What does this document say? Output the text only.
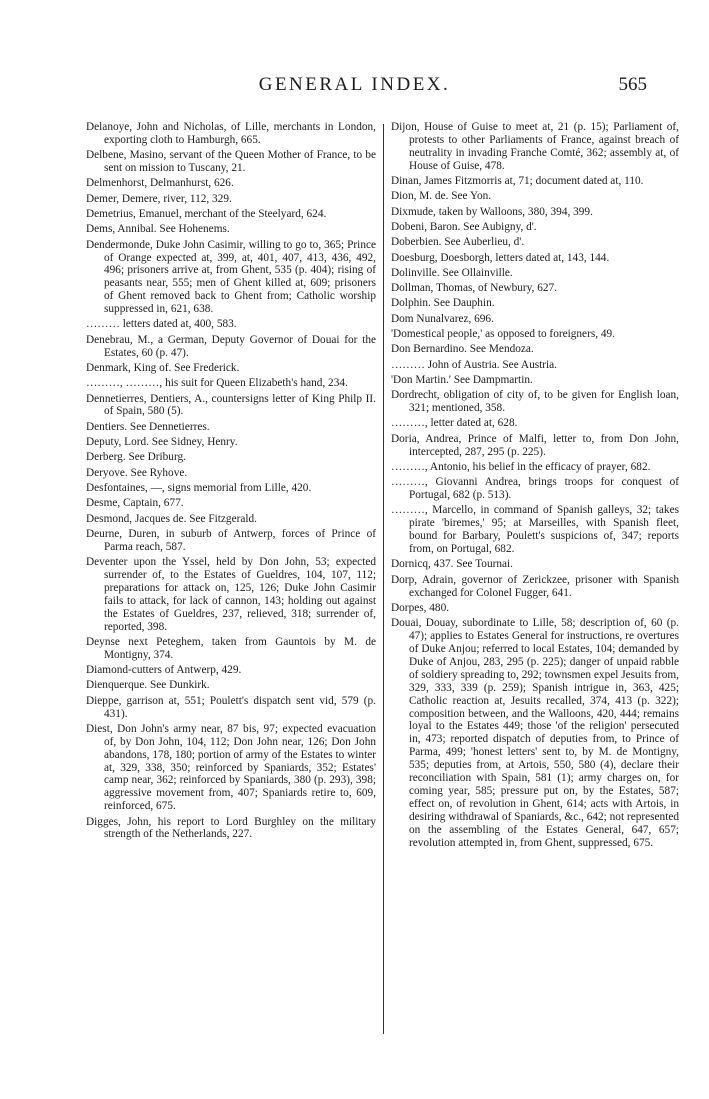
GENERAL INDEX.	565

Delanoye, John and Nicholas, of Lille, merchants in London, exporting cloth to Hamburgh, 665.

Delbene, Masino, servant of the Queen Mother of France, to be sent on mission to Tuscany, 21.

Delmenhorst, Delmanhurst, 626.

Demer, Demere, river, 112, 329.

Demetrius, Emanuel, merchant of the Steelyard, 624.

Dems, Annibal. See Hohenems.

Dendermonde, Duke John Casimir, willing to go to, 365; Prince of Orange expected at, 399, at, 401, 407, 413, 436, 492, 496; prisoners arrive at, from Ghent, 535 (p. 404); rising of peasants near, 555; men of Ghent killed at, 609; prisoners of Ghent removed back to Ghent from; Catholic worship suppressed in, 621, 638.

……… letters dated at, 400, 583.

Denebrau, M., a German, Deputy Governor of Douai for the Estates, 60 (p. 47).

Denmark, King of. See Frederick.

………, ………, his suit for Queen Elizabeth's hand, 234.

Dennetierres, Dentiers, A., countersigns letter of King Philp II. of Spain, 580 (5).

Dentiers. See Dennetierres.

Deputy, Lord. See Sidney, Henry.

Derberg. See Driburg.

Deryove. See Ryhove.

Desfontaines, —, signs memorial from Lille, 420.

Desme, Captain, 677.

Desmond, Jacques de. See Fitzgerald.

Deurne, Duren, in suburb of Antwerp, forces of Prince of Parma reach, 587.

Deventer upon the Yssel, held by Don John, 53; expected surrender of, to the Estates of Gueldres, 104, 107, 112; preparations for attack on, 125, 126; Duke John Casimir fails to attack, for lack of cannon, 143; holding out against the Estates of Gueldres, 237, relieved, 318; surrender of, reported, 398.

Deynse next Peteghem, taken from Gauntois by M. de Montigny, 374.

Diamond-cutters of Antwerp, 429.

Dienquerque. See Dunkirk.

Dieppe, garrison at, 551; Poulett's dispatch sent vid, 579 (p. 431).

Diest, Don John's army near, 87 bis, 97; expected evacuation of, by Don John, 104, 112; Don John near, 126; Don John abandons, 178, 180; portion of army of the Estates to winter at, 329, 338, 350; reinforced by Spaniards, 352; Estates' camp near, 362; reinforced by Spaniards, 380 (p. 293), 398; aggressive movement from, 407; Spaniards retire to, 609, reinforced, 675.

Digges, John, his report to Lord Burghley on the military strength of the Netherlands, 227.

Dijon, House of Guise to meet at, 21 (p. 15); Parliament of, protests to other Parliaments of France, against breach of neutrality in invading Franche Comté, 362; assembly at, of House of Guise, 478.

Dinan, James Fitzmorris at, 71; document dated at, 110.

Dion, M. de. See Yon.

Dixmude, taken by Walloons, 380, 394, 399.

Dobeni, Baron. See Aubigny, d'.

Doberbien. See Auberlieu, d'.

Doesburg, Doesborgh, letters dated at, 143, 144.

Dolinville. See Ollainville.

Dollman, Thomas, of Newbury, 627.

Dolphin. See Dauphin.

Dom Nunalvarez, 696.

'Domestical people,' as opposed to foreigners, 49.

Don Bernardino. See Mendoza.

……… John of Austria. See Austria.

'Don Martin.' See Dampmartin.

Dordrecht, obligation of city of, to be given for English loan, 321; mentioned, 358.

………, letter dated at, 628.

Doria, Andrea, Prince of Malfi, letter to, from Don John, intercepted, 287, 295 (p. 225).

………, Antonio, his belief in the efficacy of prayer, 682.

………, Giovanni Andrea, brings troops for conquest of Portugal, 682 (p. 513).

………, Marcello, in command of Spanish galleys, 32; takes pirate 'biremes,' 95; at Marseilles, with Spanish fleet, bound for Barbary, Poulett's suspicions of, 347; reports from, on Portugal, 682.

Dornicq, 437. See Tournai.

Dorp, Adrain, governor of Zerickzee, prisoner with Spanish exchanged for Colonel Fugger, 641.

Dorpes, 480.

Douai, Douay, subordinate to Lille, 58; description of, 60 (p. 47); applies to Estates General for instructions, re overtures of Duke Anjou; referred to local Estates, 104; demanded by Duke of Anjou, 283, 295 (p. 225); danger of unpaid rabble of soldiery spreading to, 292; townsmen expel Jesuits from, 329, 333, 339 (p. 259); Spanish intrigue in, 363, 425; Catholic reaction at, Jesuits recalled, 374, 413 (p. 322); composition between, and the Walloons, 420, 444; remains loyal to the Estates 449; those 'of the religion' persecuted in, 473; reported dispatch of deputies from, to Prince of Parma, 499; 'honest letters' sent to, by M. de Montigny, 535; deputies from, at Artois, 550, 580 (4), declare their reconciliation with Spain, 581 (1); army charges on, for coming year, 585; pressure put on, by the Estates, 587; effect on, of revolution in Ghent, 614; acts with Artois, in desiring withdrawal of Spaniards, &c., 642; not represented on the assembling of the Estates General, 647, 657; revolution attempted in, from Ghent, suppressed, 675.
